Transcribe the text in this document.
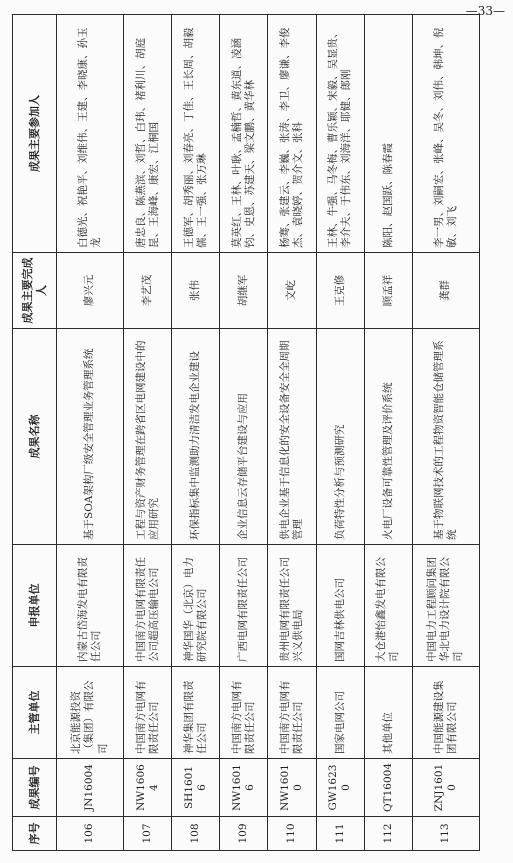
—33—
序号	成果编号	主管单位	申报单位	成果名称	成果主要完成人	成果主要参加人
106	JN16004	北京能源投资（集团）有限公司	内蒙古岱海发电有限责任公司	基于SOA架构厂级安全管理业务管理系统	廖兴元	白德光、祝艳平、刘维伟、王建、李晓康、孙玉龙
107	NW16064	中国南方电网有限责任公司	中国南方电网有限责任公司超高压输电公司	工程与资产财务管理在跨省区电网建设中的应用研究	李艺茂	唐忠良、陈燕滨、刘哲、白玮、褚利川、胡庭昆、王海峰、康宏、江桐国
108	SH16016	神华集团有限责任公司	神华国华（北京）电力研究院有限公司	环保指标集中监测助力清洁发电企业建设	张伟	王德军、胡秀丽、刘春亮、丁佳、王长周、胡毅儒、王一强、张万琳
109	NW16016	中国南方电网有限责任公司	广西电网有限责任公司	企业信息云存储平台建设与应用	胡继军	莫英红、王林、叶耿、孟楠哲、黄东道、凌涵钧、史恩、苏建天、梁文鹏、黄华林
110	NW16010	中国南方电网有限责任公司	贵州电网有限责任公司兴义供电局	供电企业基于信息化的安全设备安全全周期管理	文屹	杨骞、张建云、李巍、张涛、李卫、廖谦、李俊杰、袁晓婷、贺介文、张科
111	GW16230	国家电网公司	国网吉林供电公司	负荷特性分析与预测研究	王克修	王林、牛强、马冬梅、曹乐颖、宋毅、吴显贵、李介夫、于伟东、刘海洋、耶健、郎刚
112	QT16004	其他单位	大仓港怡鑫发电有限公司	火电厂设备可靠性管理及评价系统	顾孟祥	陈阳、赵国跃、陈春霞
113	ZNJ16010	中国能源建设集团有限公司	中国电力工程顾问集团华北电力设计院有限公司	基于物联网技术的工程物资智能仓储管理系统	龚群	李一男、刘嗣宏、张峰、吴冬、刘伟、韩坤、倪敏、刘飞
